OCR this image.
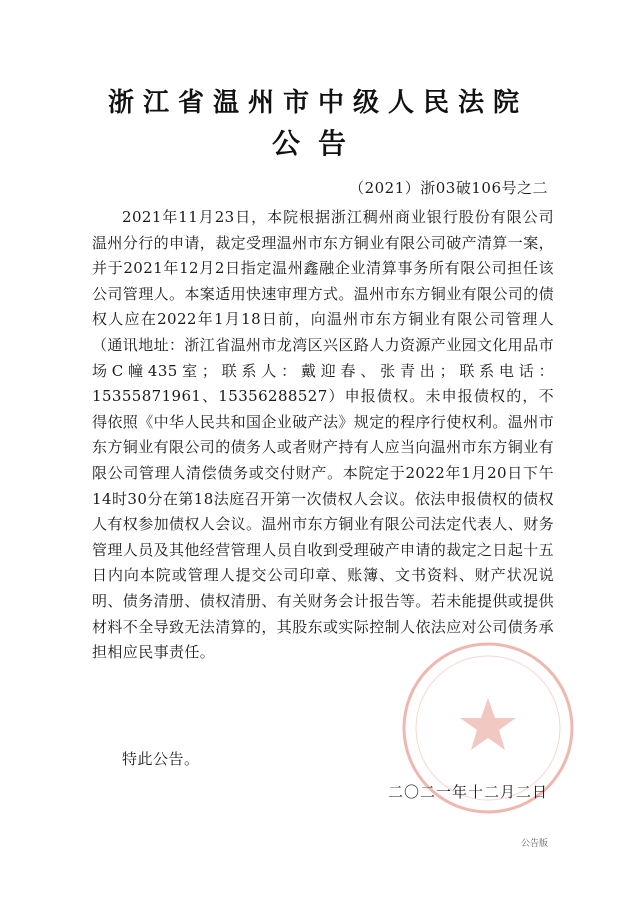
浙江省温州市中级人民法院
公告
（2021）浙03破106号之二
2021年11月23日，本院根据浙江稠州商业银行股份有限公司温州分行的申请，裁定受理温州市东方铜业有限公司破产清算一案，并于2021年12月2日指定温州鑫融企业清算事务所有限公司担任该公司管理人。本案适用快速审理方式。温州市东方铜业有限公司的债权人应在2022年1月18日前，向温州市东方铜业有限公司管理人（通讯地址：浙江省温州市龙湾区兴区路人力资源产业园文化用品市场C幢435室；联系人：戴迎春、张青出；联系电话：15355871961、15356288527）申报债权。未申报债权的，不得依照《中华人民共和国企业破产法》规定的程序行使权利。温州市东方铜业有限公司的债务人或者财产持有人应当向温州市东方铜业有限公司管理人清偿债务或交付财产。本院定于2022年1月20日下午14时30分在第18法庭召开第一次债权人会议。依法申报债权的债权人有权参加债权人会议。温州市东方铜业有限公司法定代表人、财务管理人员及其他经营管理人员自收到受理破产申请的裁定之日起十五日内向本院或管理人提交公司印章、账簿、文书资料、财产状况说明、债务清册、债权清册、有关财务会计报告等。若未能提供或提供材料不全导致无法清算的，其股东或实际控制人依法应对公司债务承担相应民事责任。
特此公告。
二〇二一年十二月二日
公告版
